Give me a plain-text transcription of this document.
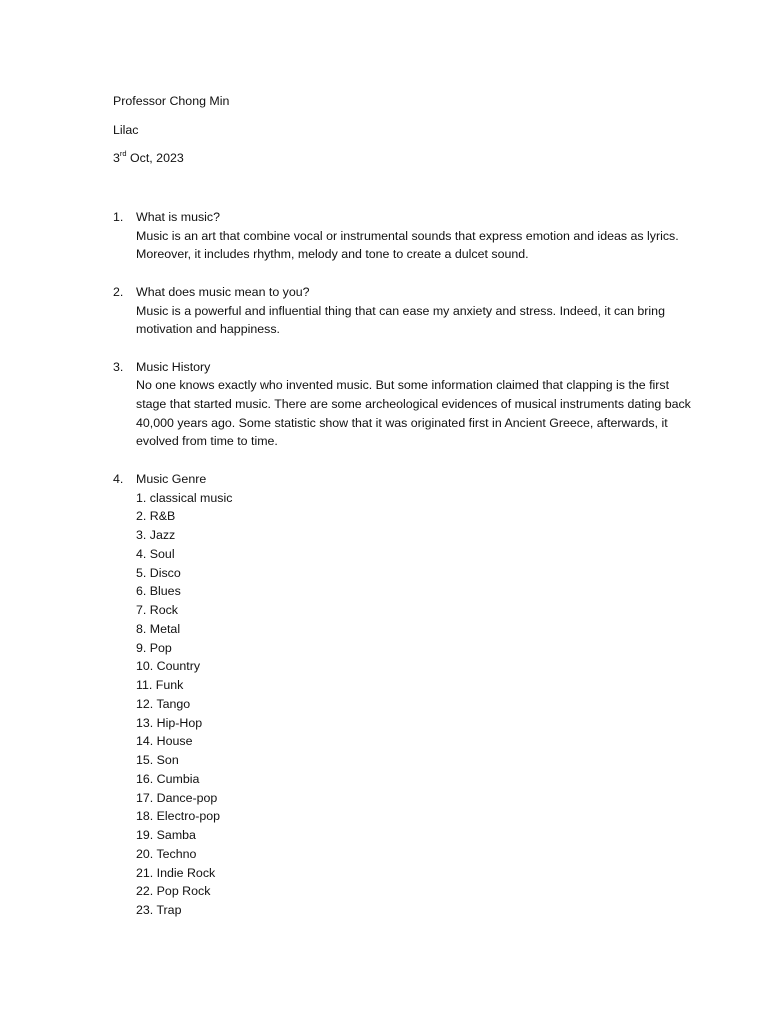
Professor Chong Min
Lilac
3rd Oct, 2023
1. What is music?
Music is an art that combine vocal or instrumental sounds that express emotion and ideas as lyrics. Moreover, it includes rhythm, melody and tone to create a dulcet sound.
2. What does music mean to you?
Music is a powerful and influential thing that can ease my anxiety and stress. Indeed, it can bring motivation and happiness.
3. Music History
No one knows exactly who invented music. But some information claimed that clapping is the first stage that started music. There are some archeological evidences of musical instruments dating back 40,000 years ago. Some statistic show that it was originated first in Ancient Greece, afterwards, it evolved from time to time.
4. Music Genre
1. classical music
2. R&B
3. Jazz
4. Soul
5. Disco
6. Blues
7. Rock
8. Metal
9. Pop
10. Country
11. Funk
12. Tango
13. Hip-Hop
14. House
15. Son
16. Cumbia
17. Dance-pop
18. Electro-pop
19. Samba
20. Techno
21. Indie Rock
22. Pop Rock
23. Trap
